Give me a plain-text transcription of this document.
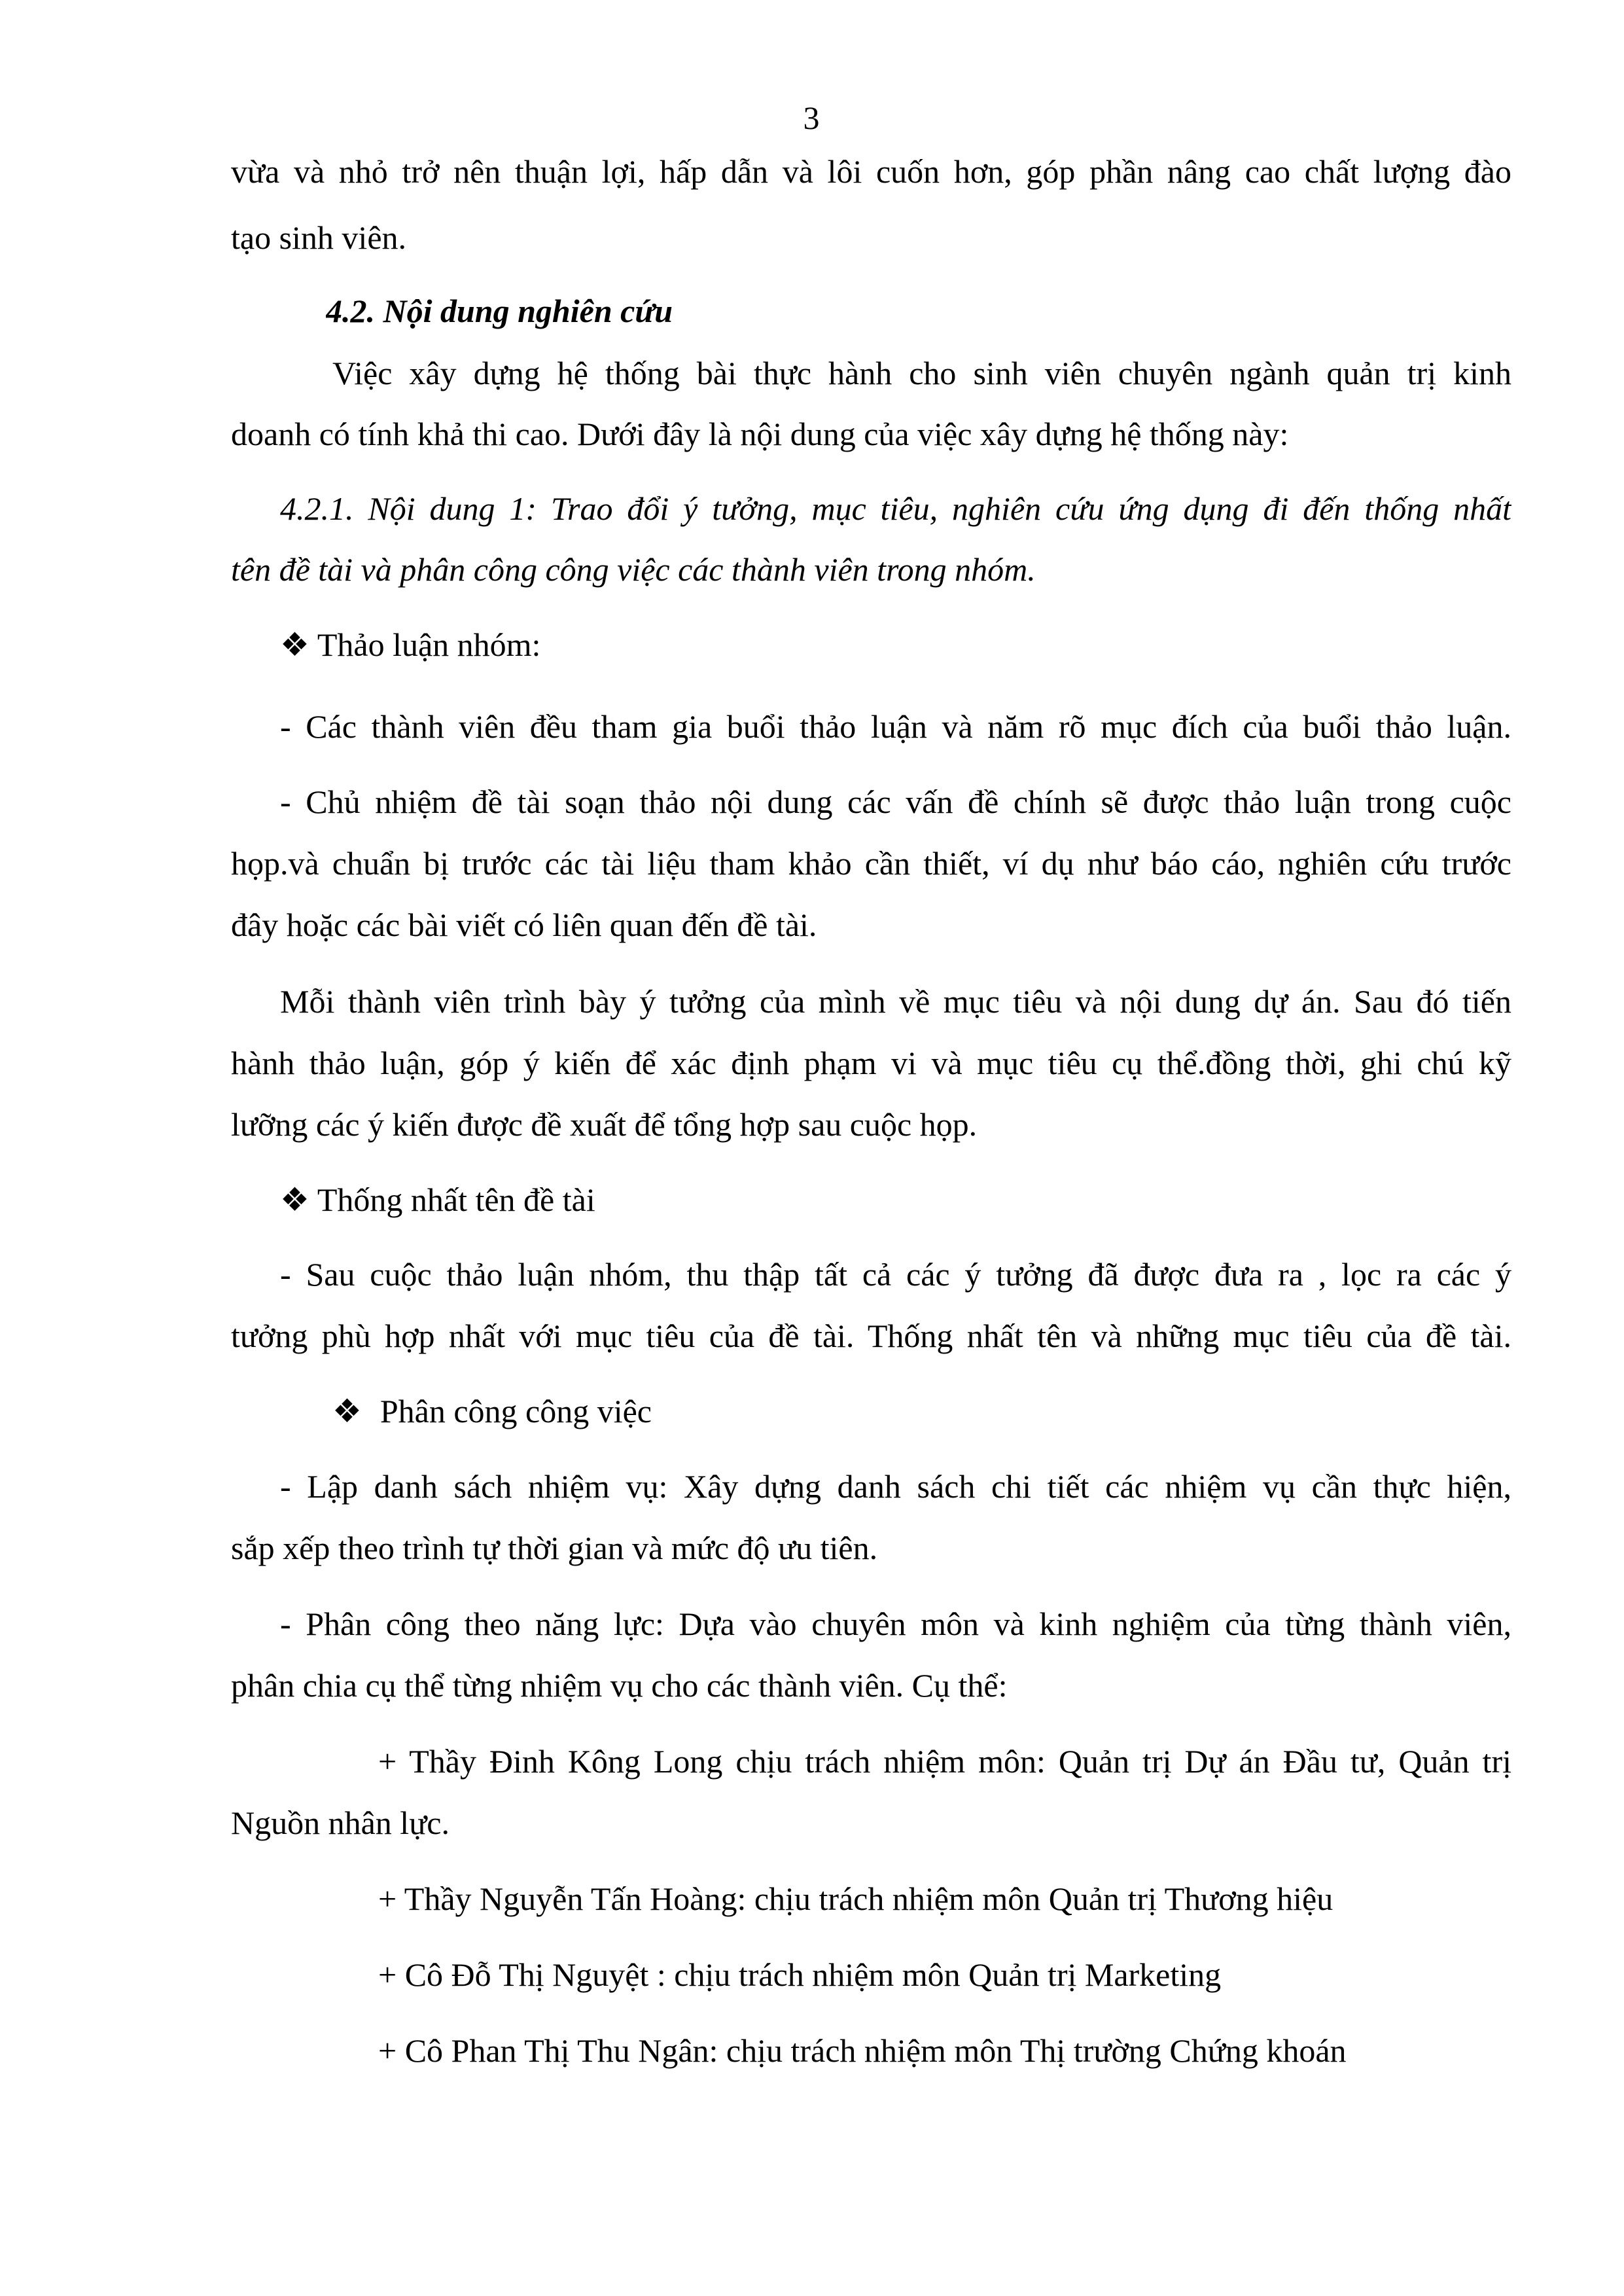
3
vừa và nhỏ trở nên thuận lợi, hấp dẫn và lôi cuốn hơn, góp phần nâng cao chất lượng đào
tạo sinh viên.
4.2. Nội dung nghiên cứu
Việc xây dựng hệ thống bài thực hành cho sinh viên chuyên ngành quản trị kinh
doanh có tính khả thi cao. Dưới đây là nội dung của việc xây dựng hệ thống này:
4.2.1. Nội dung 1: Trao đổi ý tưởng, mục tiêu, nghiên cứu ứng dụng đi đến thống nhất
tên đề tài và phân công công việc các thành viên trong nhóm.
❖ Thảo luận nhóm:
- Các thành viên đều tham gia buổi thảo luận và năm rõ mục đích của buổi thảo luận.
- Chủ nhiệm đề tài soạn thảo nội dung các vấn đề chính sẽ được thảo luận trong cuộc
họp.và chuẩn bị trước các tài liệu tham khảo cần thiết, ví dụ như báo cáo, nghiên cứu trước
đây hoặc các bài viết có liên quan đến đề tài.
Mỗi thành viên trình bày ý tưởng của mình về mục tiêu và nội dung dự án. Sau đó tiến
hành thảo luận, góp ý kiến để xác định phạm vi và mục tiêu cụ thể.đồng thời, ghi chú kỹ
lưỡng các ý kiến được đề xuất để tổng hợp sau cuộc họp.
❖ Thống nhất tên đề tài
- Sau cuộc thảo luận nhóm, thu thập tất cả các ý tưởng đã được đưa ra , lọc ra các ý
tưởng phù hợp nhất với mục tiêu của đề tài. Thống nhất tên và những mục tiêu của đề tài.
❖ Phân công công việc
- Lập danh sách nhiệm vụ: Xây dựng danh sách chi tiết các nhiệm vụ cần thực hiện,
sắp xếp theo trình tự thời gian và mức độ ưu tiên.
- Phân công theo năng lực: Dựa vào chuyên môn và kinh nghiệm của từng thành viên,
phân chia cụ thể từng nhiệm vụ cho các thành viên. Cụ thể:
+ Thầy Đinh Kông Long chịu trách nhiệm môn: Quản trị Dự án Đầu tư, Quản trị
Nguồn nhân lực.
+ Thầy Nguyễn Tấn Hoàng: chịu trách nhiệm môn Quản trị Thương hiệu
+ Cô Đỗ Thị Nguyệt : chịu trách nhiệm môn Quản trị Marketing
+ Cô Phan Thị Thu Ngân: chịu trách nhiệm môn Thị trường Chứng khoán
